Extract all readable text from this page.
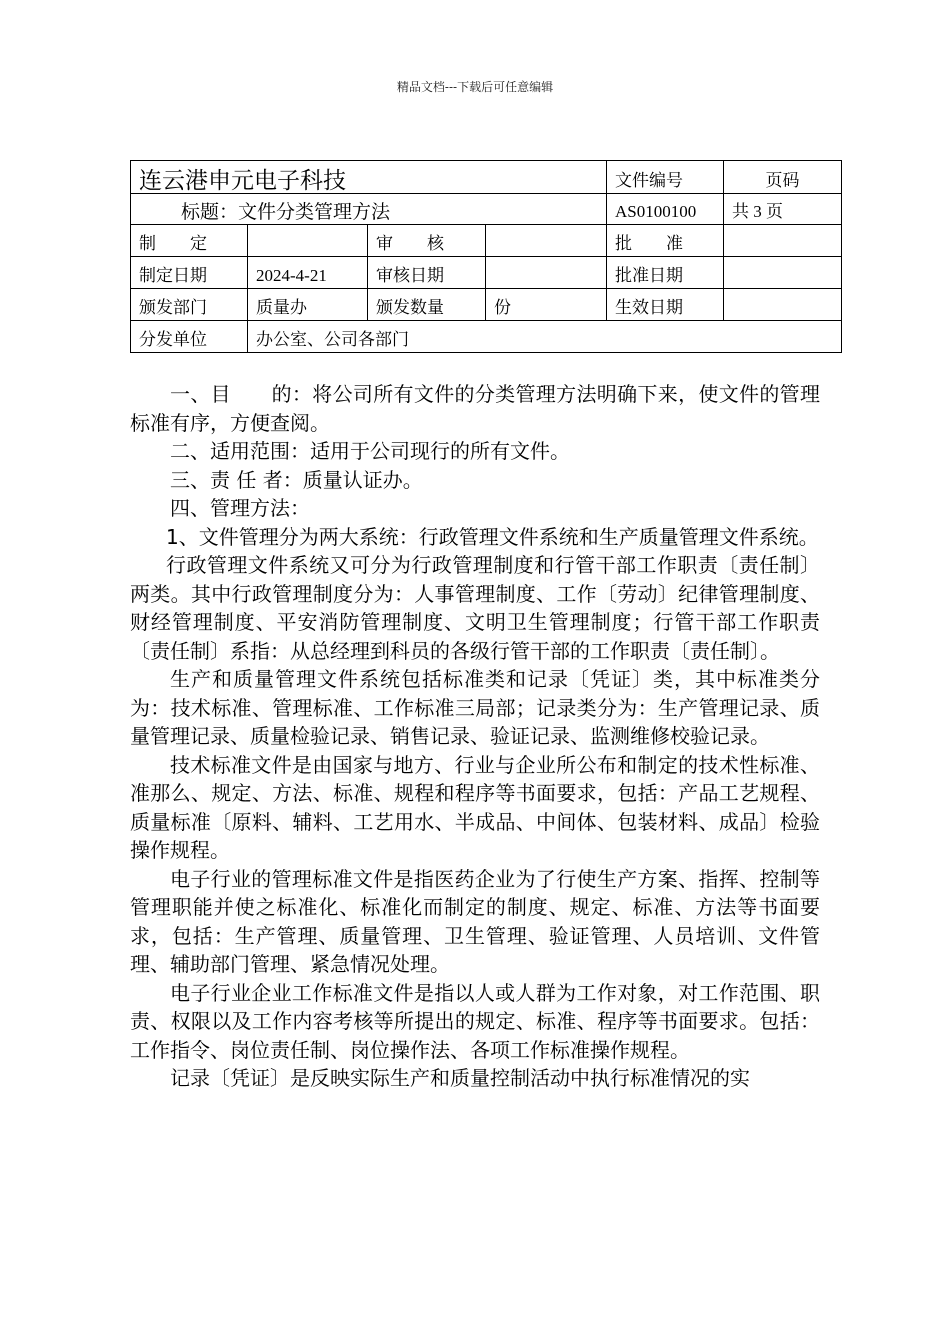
精品文档---下载后可任意编辑
连云港申元电子科技				文件编号	页码
标题：文件分类管理方法				AS0100100	共 3 页
制　　定		审　　核		批　　准	
制定日期	2024-4-21	审核日期		批准日期	
颁发部门	质量办	颁发数量	份	生效日期	
分发单位	办公室、公司各部门				

一、目　　的：将公司所有文件的分类管理方法明确下来，使文件的管理标准有序，方便查阅。

二、适用范围：适用于公司现行的所有文件。

三、责 任 者：质量认证办。

四、管理方法：

1、文件管理分为两大系统：行政管理文件系统和生产质量管理文件系统。

行政管理文件系统又可分为行政管理制度和行管干部工作职责〔责任制〕两类。其中行政管理制度分为：人事管理制度、工作〔劳动〕纪律管理制度、财经管理制度、平安消防管理制度、文明卫生管理制度；行管干部工作职责〔责任制〕系指：从总经理到科员的各级行管干部的工作职责〔责任制〕。

生产和质量管理文件系统包括标准类和记录〔凭证〕类，其中标准类分为：技术标准、管理标准、工作标准三局部；记录类分为：生产管理记录、质量管理记录、质量检验记录、销售记录、验证记录、监测维修校验记录。

技术标准文件是由国家与地方、行业与企业所公布和制定的技术性标准、准那么、规定、方法、标准、规程和程序等书面要求，包括：产品工艺规程、质量标准〔原料、辅料、工艺用水、半成品、中间体、包装材料、成品〕检验操作规程。

电子行业的管理标准文件是指医药企业为了行使生产方案、指挥、控制等管理职能并使之标准化、标准化而制定的制度、规定、标准、方法等书面要求，包括：生产管理、质量管理、卫生管理、验证管理、人员培训、文件管理、辅助部门管理、紧急情况处理。

电子行业企业工作标准文件是指以人或人群为工作对象，对工作范围、职责、权限以及工作内容考核等所提出的规定、标准、程序等书面要求。包括：工作指令、岗位责任制、岗位操作法、各项工作标准操作规程。

记录〔凭证〕是反映实际生产和质量控制活动中执行标准情况的实
